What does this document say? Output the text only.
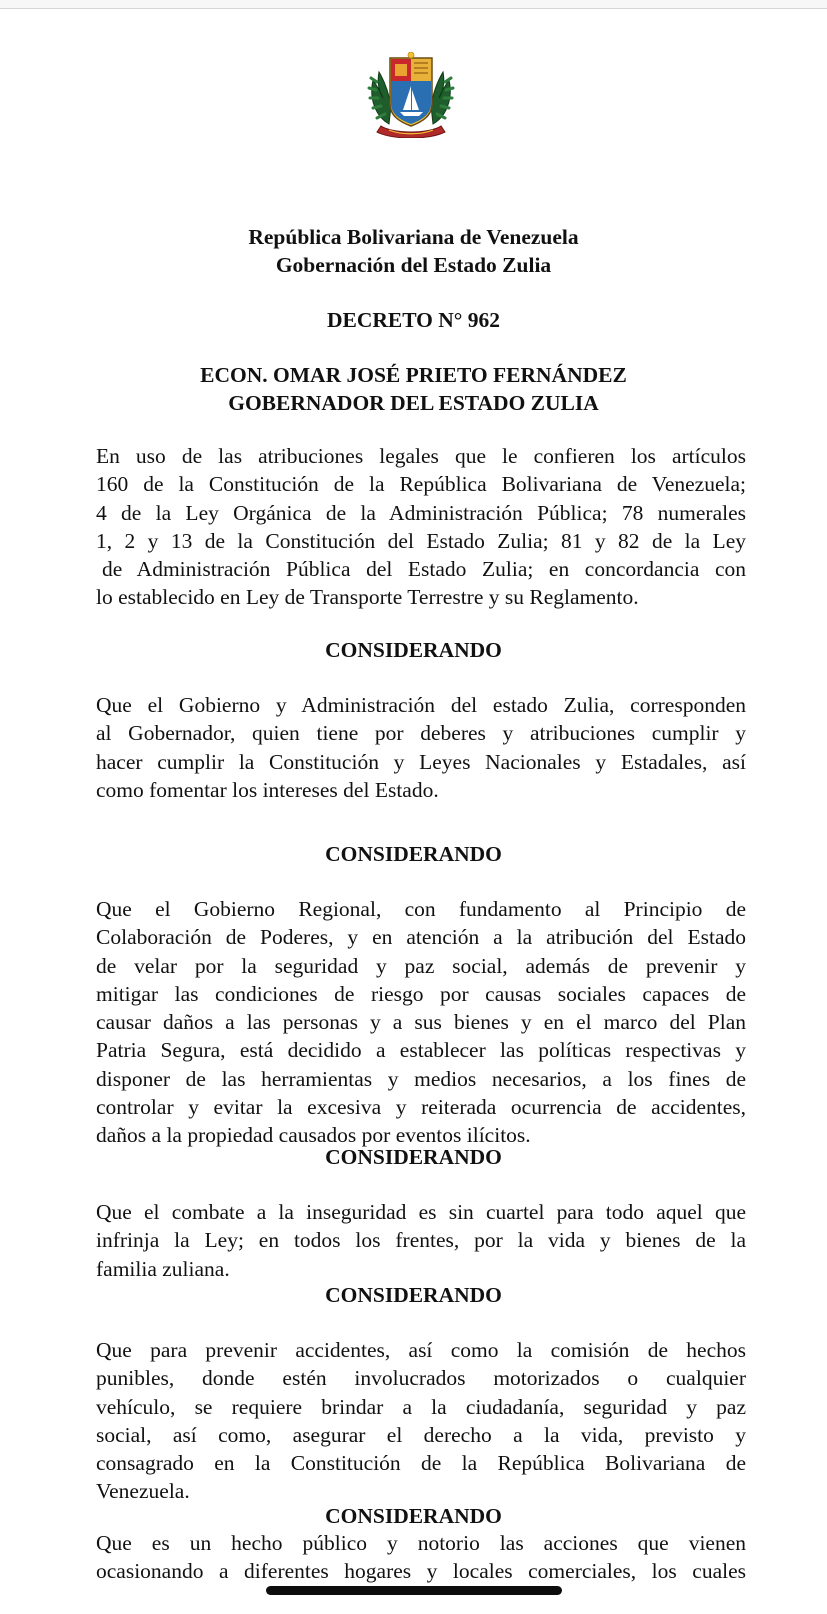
República Bolivariana de Venezuela
Gobernación del Estado Zulia
DECRETO N° 962
ECON. OMAR JOSÉ PRIETO FERNÁNDEZ
GOBERNADOR DEL ESTADO ZULIA
En uso de las atribuciones legales que le confieren los artículos
160 de la Constitución de la República Bolivariana de Venezuela;
4 de la Ley Orgánica de la Administración Pública; 78 numerales
1, 2 y 13 de la Constitución del Estado Zulia; 81 y 82 de la Ley
de Administración Pública del Estado Zulia; en concordancia con
lo establecido en Ley de Transporte Terrestre y su Reglamento.
CONSIDERANDO
Que el Gobierno y Administración del estado Zulia, corresponden
al Gobernador, quien tiene por deberes y atribuciones cumplir y
hacer cumplir la Constitución y Leyes Nacionales y Estadales, así
como fomentar los intereses del Estado.
CONSIDERANDO
Que el Gobierno Regional, con fundamento al Principio de
Colaboración de Poderes, y en atención a la atribución del Estado
de velar por la seguridad y paz social, además de prevenir y
mitigar las condiciones de riesgo por causas sociales capaces de
causar daños a las personas y a sus bienes y en el marco del Plan
Patria Segura, está decidido a establecer las políticas respectivas y
disponer de las herramientas y medios necesarios, a los fines de
controlar y evitar la excesiva y reiterada ocurrencia de accidentes,
daños a la propiedad causados por eventos ilícitos.
CONSIDERANDO
Que el combate a la inseguridad es sin cuartel para todo aquel que
infrinja la Ley; en todos los frentes, por la vida y bienes de la
familia zuliana.
CONSIDERANDO
Que para prevenir accidentes, así como la comisión de hechos
punibles, donde estén involucrados motorizados o cualquier
vehículo, se requiere brindar a la ciudadanía, seguridad y paz
social, así como, asegurar el derecho a la vida, previsto y
consagrado en la Constitución de la República Bolivariana de
Venezuela.
CONSIDERANDO
Que es un hecho público y notorio las acciones que vienen
ocasionando a diferentes hogares y locales comerciales, los cuales
